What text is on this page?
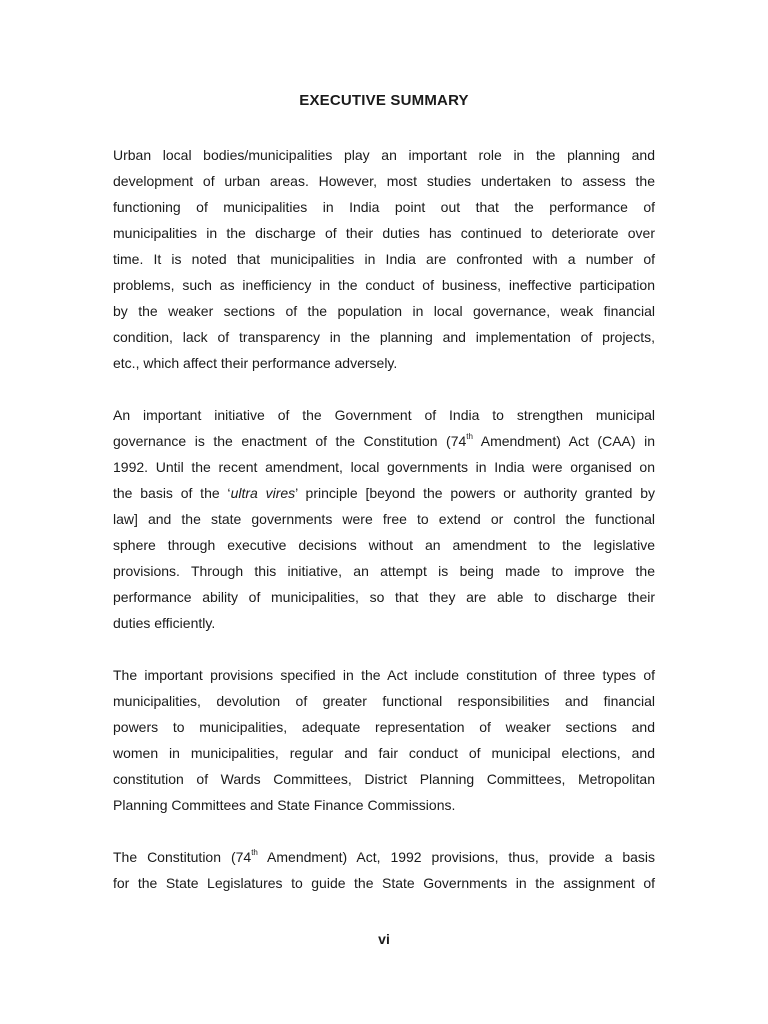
EXECUTIVE SUMMARY
Urban local bodies/municipalities play an important role in the planning and
development of urban areas. However, most studies undertaken to assess the
functioning of municipalities in India point out that the performance of
municipalities in the discharge of their duties has continued to deteriorate over
time. It is noted that municipalities in India are confronted with a number of
problems, such as inefficiency in the conduct of business, ineffective participation
by the weaker sections of the population in local governance, weak financial
condition, lack of transparency in the planning and implementation of projects,
etc., which affect their performance adversely.
An important initiative of the Government of India to strengthen municipal
governance is the enactment of the Constitution (74th Amendment) Act (CAA) in
1992. Until the recent amendment, local governments in India were organised on
the basis of the ‘ultra vires’ principle [beyond the powers or authority granted by
law] and the state governments were free to extend or control the functional
sphere through executive decisions without an amendment to the legislative
provisions. Through this initiative, an attempt is being made to improve the
performance ability of municipalities, so that they are able to discharge their
duties efficiently.
The important provisions specified in the Act include constitution of three types of
municipalities, devolution of greater functional responsibilities and financial
powers to municipalities, adequate representation of weaker sections and
women in municipalities, regular and fair conduct of municipal elections, and
constitution of Wards Committees, District Planning Committees, Metropolitan
Planning Committees and State Finance Commissions.
The Constitution (74th Amendment) Act, 1992 provisions, thus, provide a basis
for the State Legislatures to guide the State Governments in the assignment of
vi
